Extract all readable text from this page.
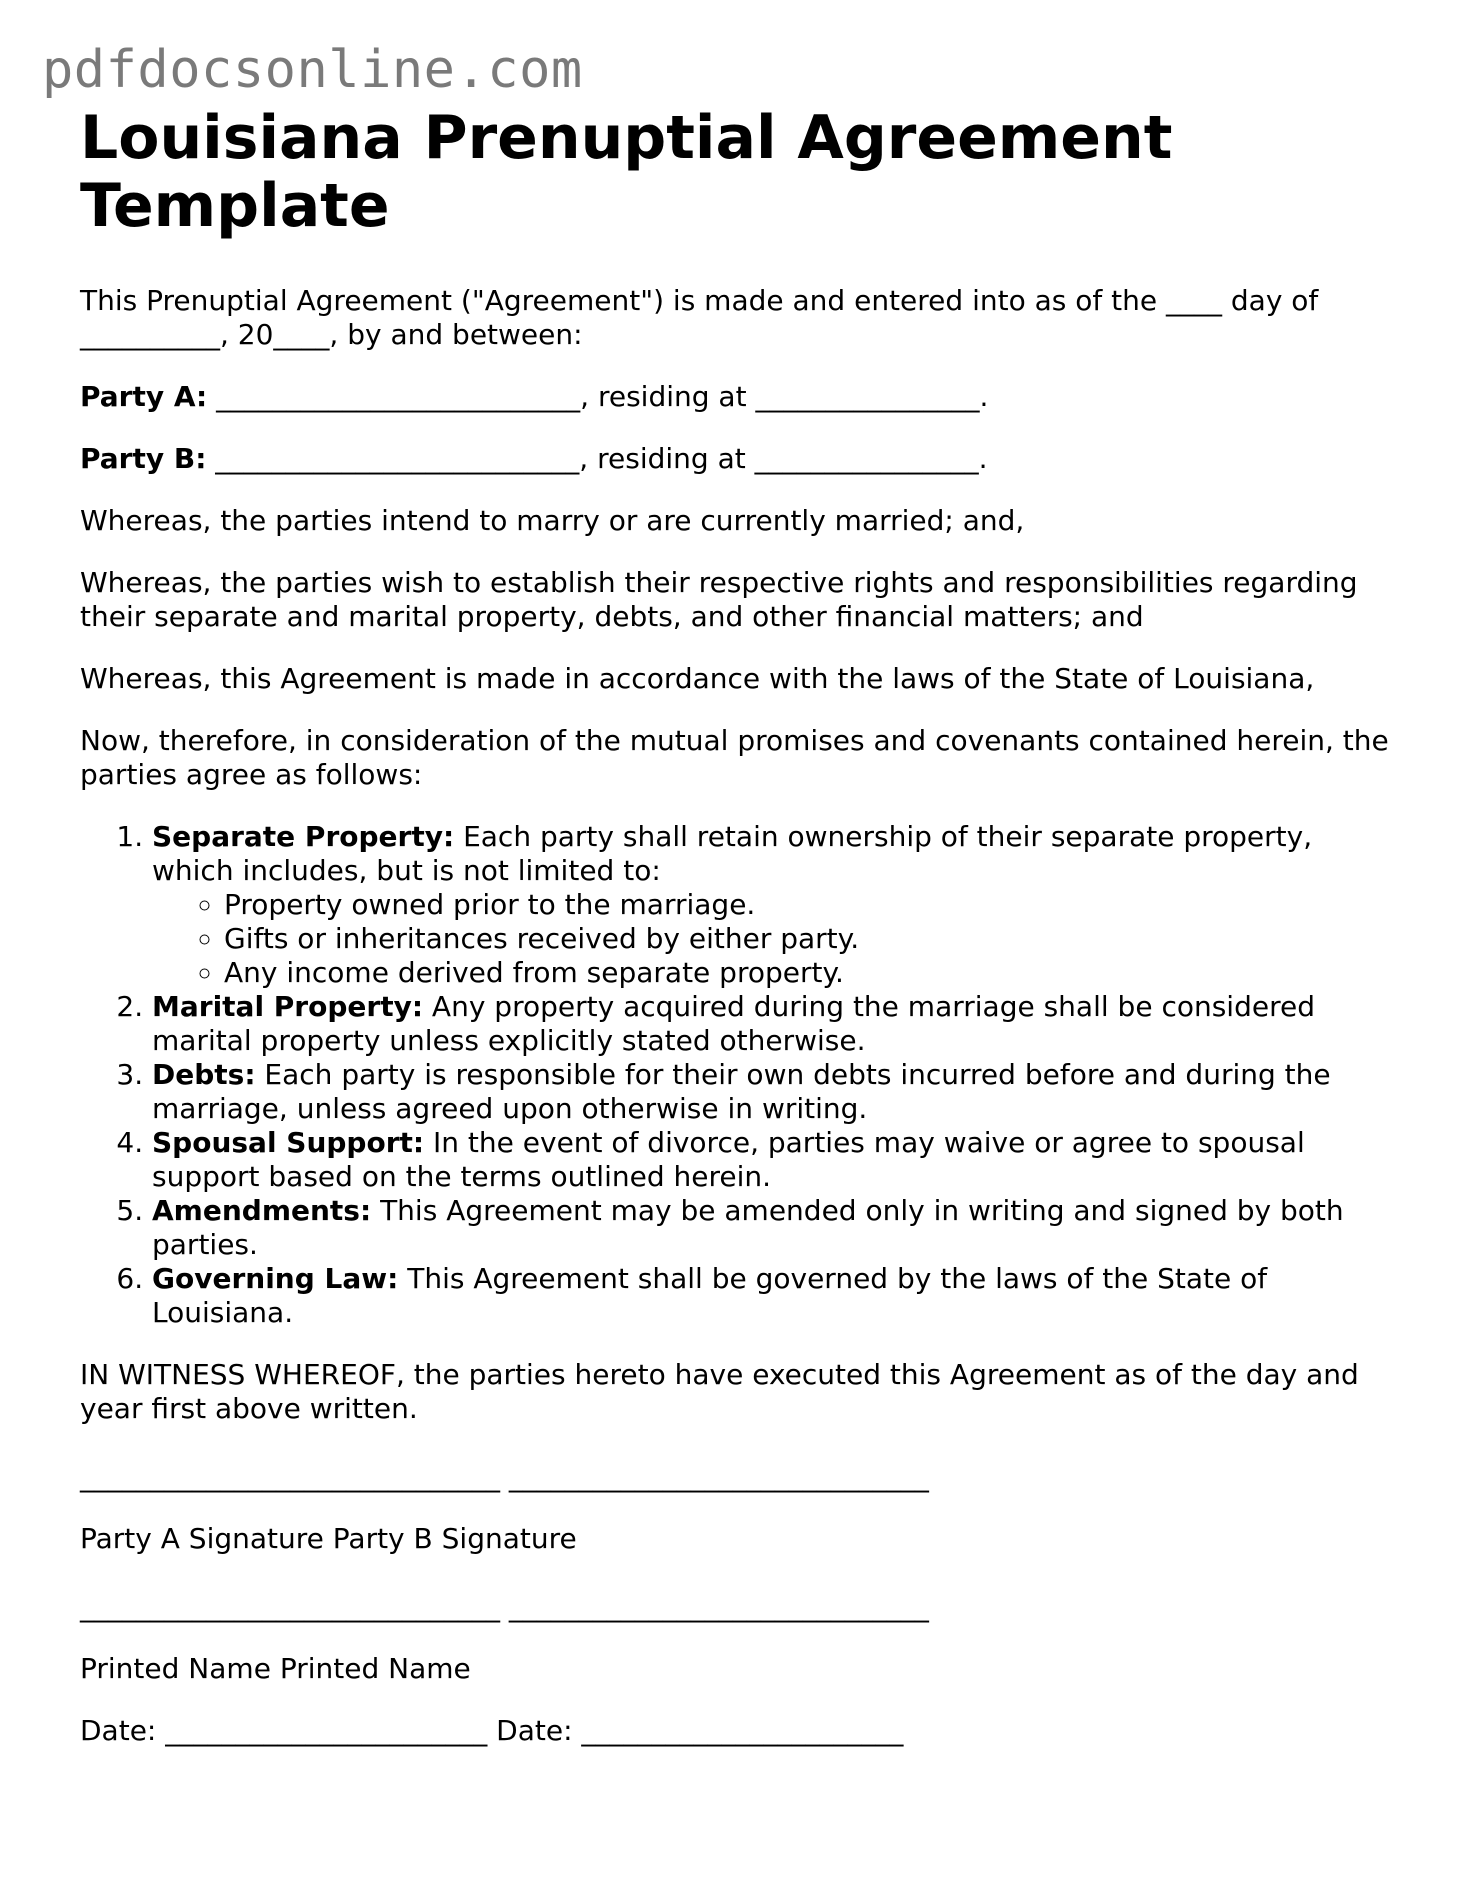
pdfdocsonline.com
Louisiana Prenuptial Agreement Template

This Prenuptial Agreement ("Agreement") is made and entered into as of the ____ day of __________, 20____, by and between:

Party A: __________________________, residing at ________________.

Party B: __________________________, residing at ________________.

Whereas, the parties intend to marry or are currently married; and,

Whereas, the parties wish to establish their respective rights and responsibilities regarding their separate and marital property, debts, and other financial matters; and

Whereas, this Agreement is made in accordance with the laws of the State of Louisiana,

Now, therefore, in consideration of the mutual promises and covenants contained herein, the parties agree as follows:

1. Separate Property: Each party shall retain ownership of their separate property, which includes, but is not limited to:
◦ Property owned prior to the marriage.
◦ Gifts or inheritances received by either party.
◦ Any income derived from separate property.
2. Marital Property: Any property acquired during the marriage shall be considered marital property unless explicitly stated otherwise.
3. Debts: Each party is responsible for their own debts incurred before and during the marriage, unless agreed upon otherwise in writing.
4. Spousal Support: In the event of divorce, parties may waive or agree to spousal support based on the terms outlined herein.
5. Amendments: This Agreement may be amended only in writing and signed by both parties.
6. Governing Law: This Agreement shall be governed by the laws of the State of Louisiana.

IN WITNESS WHEREOF, the parties hereto have executed this Agreement as of the day and year first above written.

______________________________ ______________________________

Party A Signature Party B Signature

______________________________ ______________________________

Printed Name Printed Name

Date: _______________________ Date: _______________________
